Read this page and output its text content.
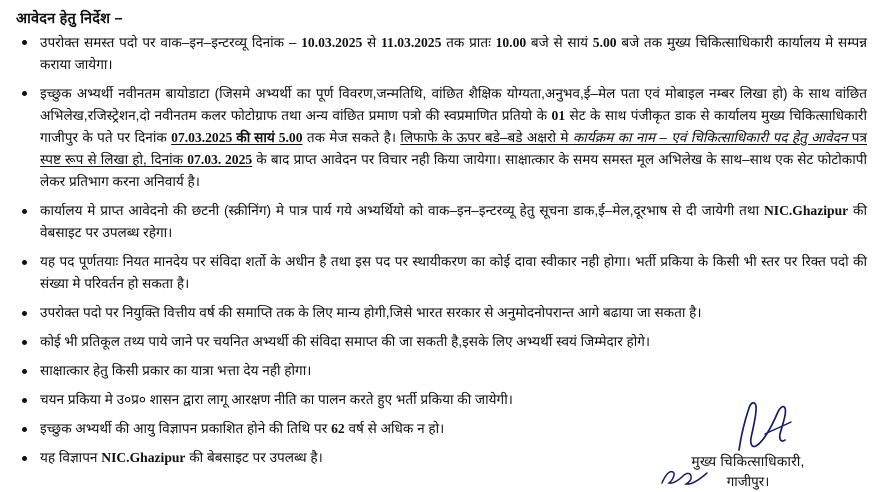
आवेदन हेतु निर्देश –
उपरोक्त समस्त पदो पर वाक–इन–इन्टरव्यू दिनांक – 10.03.2025 से 11.03.2025 तक प्रातः 10.00 बजे से सायं 5.00 बजे तक मुख्य चिकित्साधिकारी कार्यालय मे सम्पन्न कराया जायेगा।
इच्छुक अभ्यर्थी नवीनतम बायोडाटा (जिसमे अभ्यर्थी का पूर्ण विवरण,जन्मतिथि, वांछित शैक्षिक योग्यता,अनुभव,ई–मेल पता एवं मोबाइल नम्बर लिखा हो) के साथ वांछित अभिलेख,रजिस्ट्रेशन,दो नवीनतम कलर फोटोग्राफ तथा अन्य वांछित प्रमाण पत्रो की स्वप्रमाणित प्रतियो के 01 सेट के साथ पंजीकृत डाक से कार्यालय मुख्य चिकित्साधिकारी गाजीपुर के पते पर दिनांक 07.03.2025 की सायं 5.00 तक मेज सकते है। लिफाफे के ऊपर बडे–बडे अक्षरो मे कार्यक्रम का नाम – एवं चिकित्साधिकारी पद हेतु आवेदन पत्र स्पष्ट रूप से लिखा हो, दिनांक 07.03. 2025 के बाद प्राप्त आवेदन पर विचार नही किया जायेगा। साक्षात्कार के समय समस्त मूल अभिलेख के साथ–साथ एक सेट फोटोकापी लेकर प्रतिभाग करना अनिवार्य है।
कार्यालय मे प्राप्त आवेदनो की छटनी (स्क्रीनिंग) मे पात्र पार्य गये अभ्यर्थियो को वाक–इन–इन्टरव्यू हेतु सूचना डाक,ई–मेल,दूरभाष से दी जायेगी तथा NIC.Ghazipur की वेबसाइट पर उपलब्ध रहेगा।
यह पद पूर्णतयाः नियत मानदेय पर संविदा शर्तो के अधीन है तथा इस पद पर स्थायीकरण का कोई दावा स्वीकार नही होगा। भर्ती प्रकिया के किसी भी स्तर पर रिक्त पदो की संख्या मे परिवर्तन हो सकता है।
उपरोक्त पदो पर नियुक्ति वित्तीय वर्ष की समाप्ति तक के लिए मान्य होगी,जिसे भारत सरकार से अनुमोदनोपरान्त आगे बढाया जा सकता है।
कोई भी प्रतिकूल तथ्य पाये जाने पर चयनित अभ्यर्थी की संविदा समाप्त की जा सकती है,इसके लिए अभ्यर्थी स्वयं जिम्मेदार होगे।
साक्षात्कार हेतु किसी प्रकार का यात्रा भत्ता देय नही होगा।
चयन प्रकिया मे उ०प्र० शासन द्वारा लागू आरक्षण नीति का पालन करते हुए भर्ती प्रकिया की जायेगी।
इच्छुक अभ्यर्थी की आयु विज्ञापन प्रकाशित होने की तिथि पर 62 वर्ष से अधिक न हो।
यह विज्ञापन NIC.Ghazipur की बेबसाइट पर उपलब्ध है।	मुख्य चिकित्साधिकारी,
गाजीपुर।
